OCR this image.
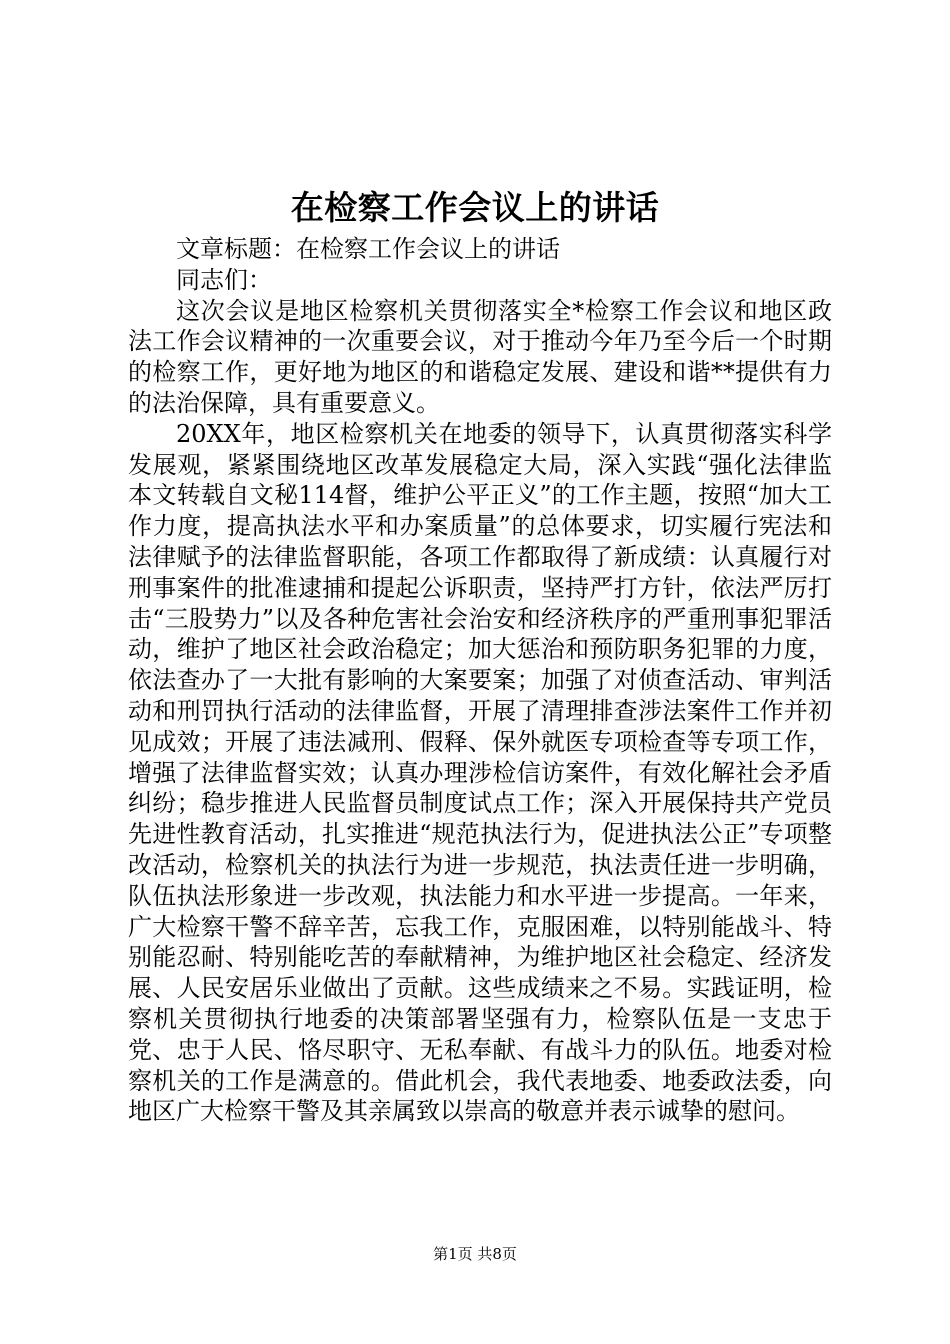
在检察工作会议上的讲话

文章标题：在检察工作会议上的讲话

同志们：

这次会议是地区检察机关贯彻落实全*检察工作会议和地区政法工作会议精神的一次重要会议，对于推动今年乃至今后一个时期的检察工作，更好地为地区的和谐稳定发展、建设和谐**提供有力的法治保障，具有重要意义。

20XX年，地区检察机关在地委的领导下，认真贯彻落实科学发展观，紧紧围绕地区改革发展稳定大局，深入实践“强化法律监本文转载自文秘114督，维护公平正义”的工作主题，按照“加大工作力度，提高执法水平和办案质量”的总体要求，切实履行宪法和法律赋予的法律监督职能，各项工作都取得了新成绩：认真履行对刑事案件的批准逮捕和提起公诉职责，坚持严打方针，依法严厉打击“三股势力”以及各种危害社会治安和经济秩序的严重刑事犯罪活动，维护了地区社会政治稳定；加大惩治和预防职务犯罪的力度，依法查办了一大批有影响的大案要案；加强了对侦查活动、审判活动和刑罚执行活动的法律监督，开展了清理排查涉法案件工作并初见成效；开展了违法减刑、假释、保外就医专项检查等专项工作，增强了法律监督实效；认真办理涉检信访案件，有效化解社会矛盾纠纷；稳步推进人民监督员制度试点工作；深入开展保持共产党员先进性教育活动，扎实推进“规范执法行为，促进执法公正”专项整改活动，检察机关的执法行为进一步规范，执法责任进一步明确，队伍执法形象进一步改观，执法能力和水平进一步提高。一年来，广大检察干警不辞辛苦，忘我工作，克服困难，以特别能战斗、特别能忍耐、特别能吃苦的奉献精神，为维护地区社会稳定、经济发展、人民安居乐业做出了贡献。这些成绩来之不易。实践证明，检察机关贯彻执行地委的决策部署坚强有力，检察队伍是一支忠于党、忠于人民、恪尽职守、无私奉献、有战斗力的队伍。地委对检察机关的工作是满意的。借此机会，我代表地委、地委政法委，向地区广大检察干警及其亲属致以崇高的敬意并表示诚挚的慰问。

第1页 共8页
